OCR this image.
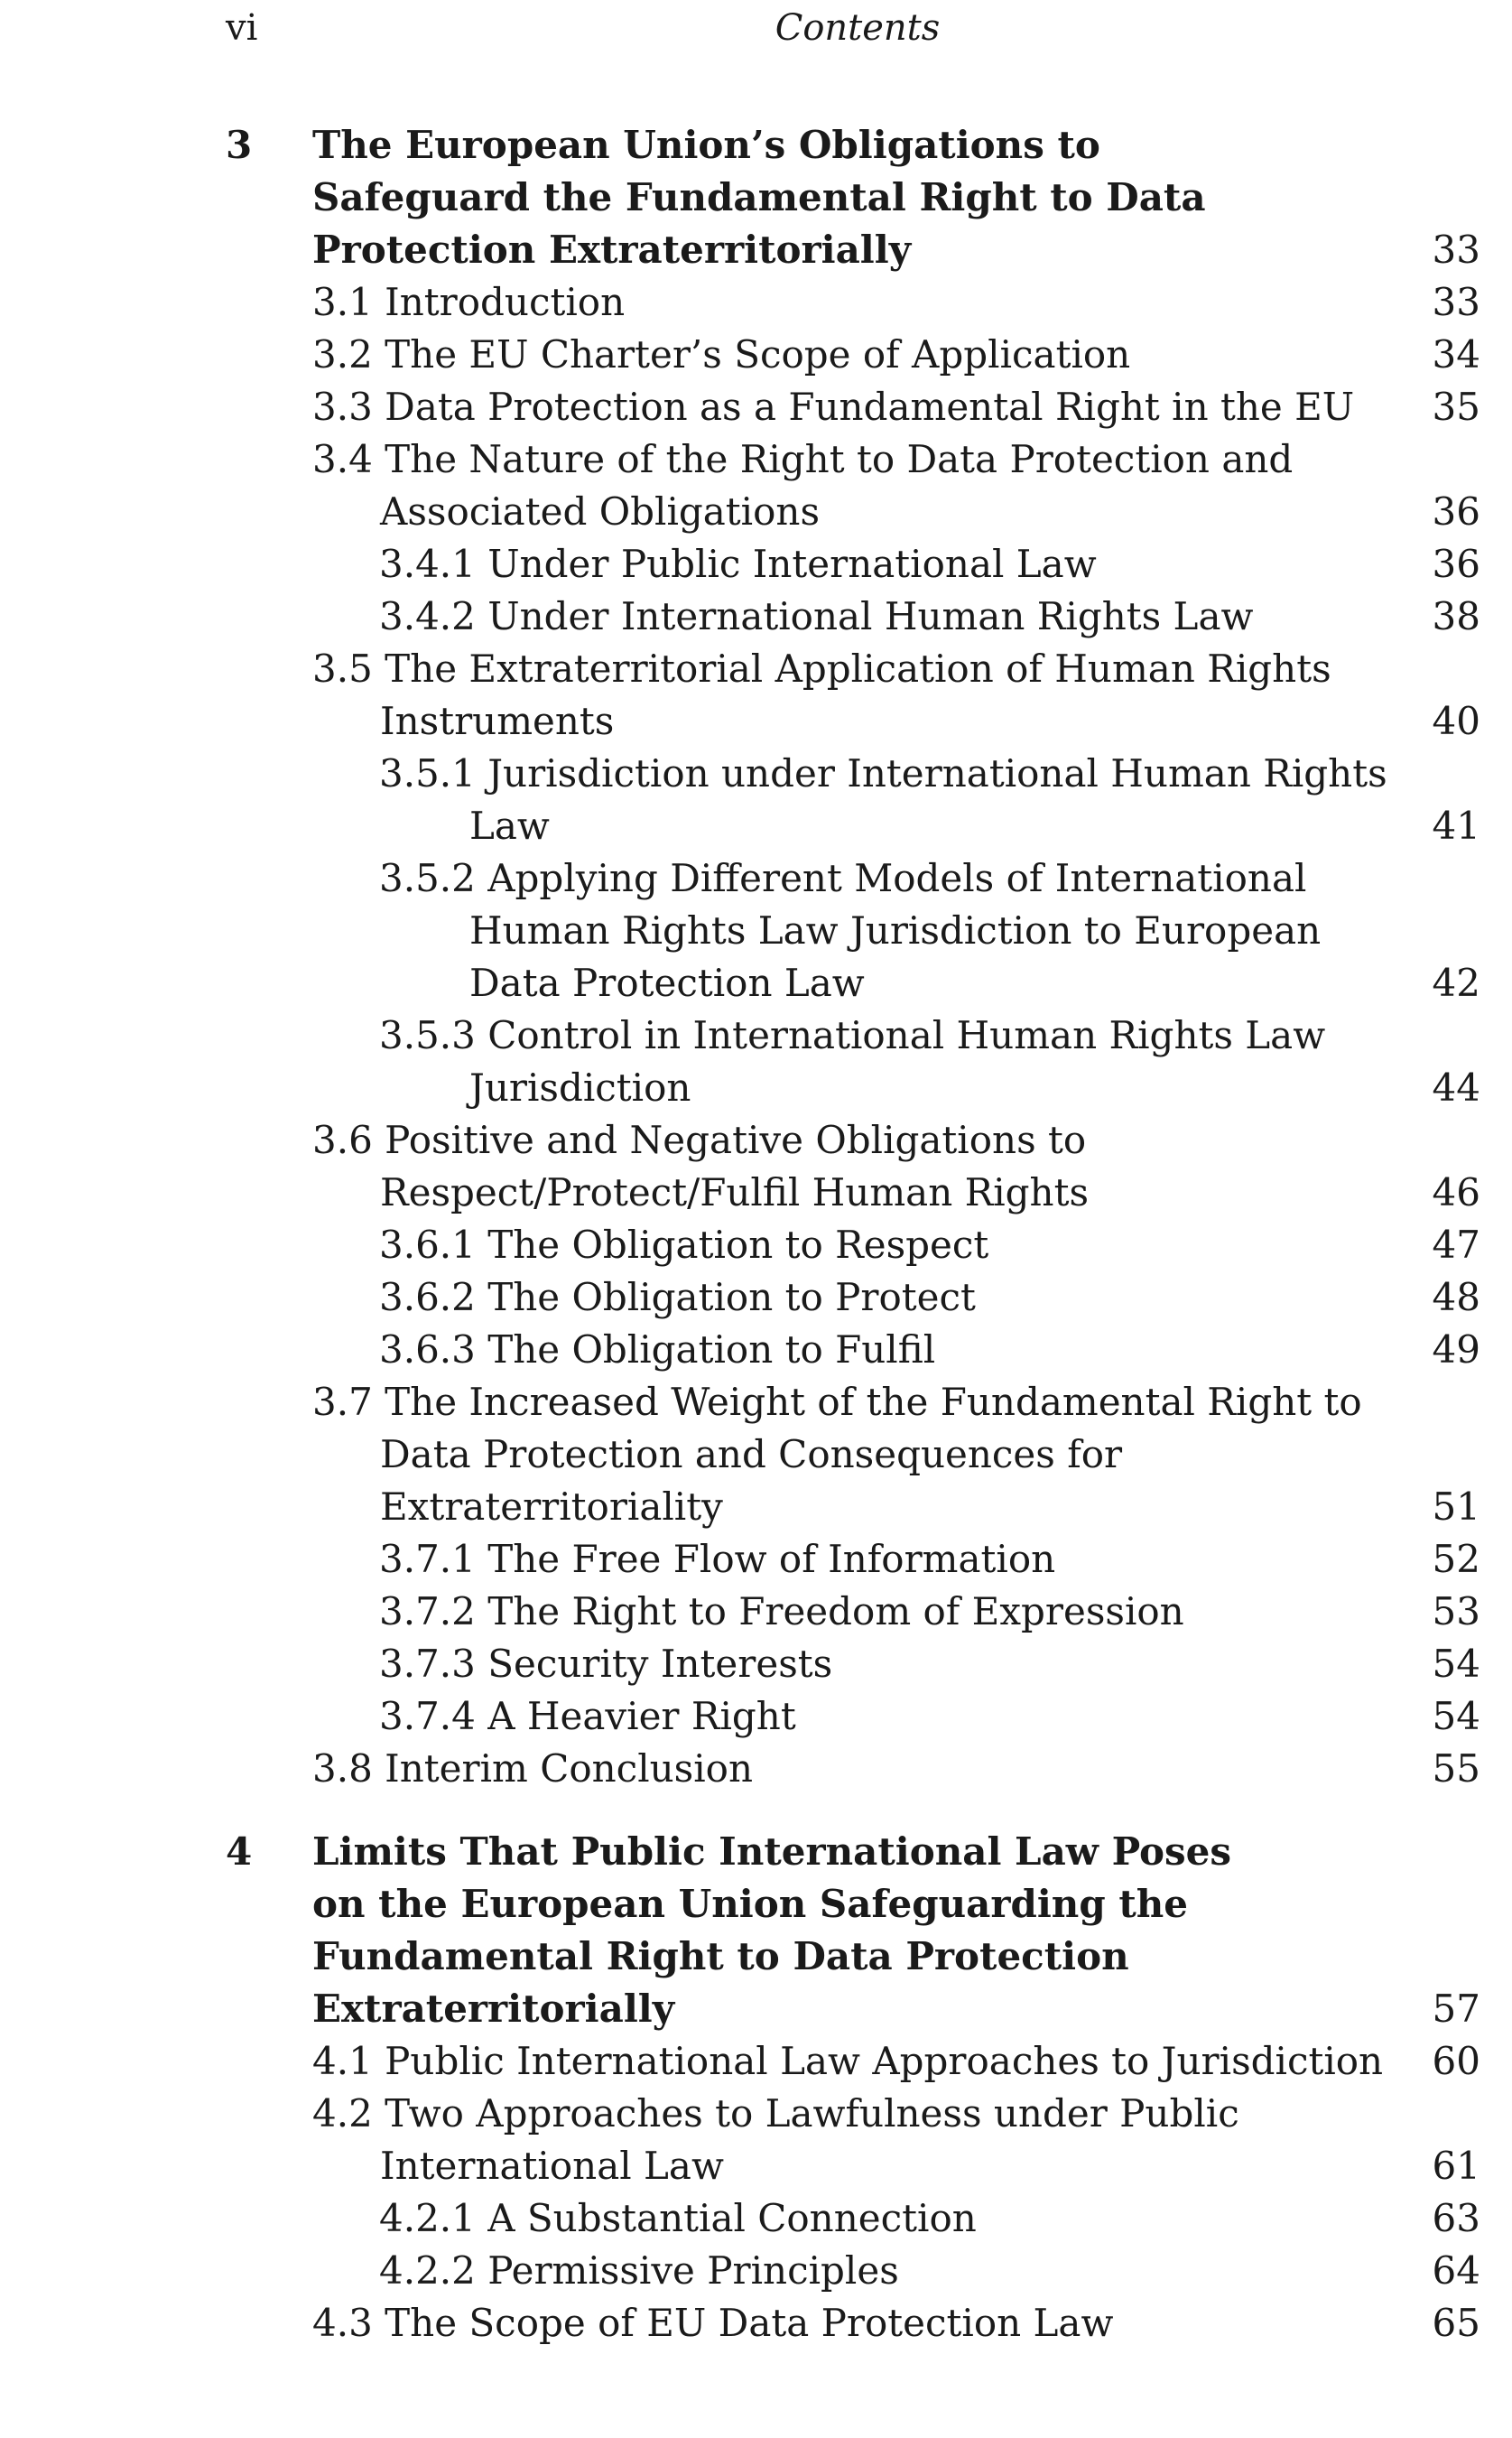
vi	Contents
3 The European Union’s Obligations to Safeguard the Fundamental Right to Data Protection Extraterritorially	33
3.1 Introduction	33
3.2 The EU Charter’s Scope of Application	34
3.3 Data Protection as a Fundamental Right in the EU	35
3.4 The Nature of the Right to Data Protection and Associated Obligations	36
3.4.1 Under Public International Law	36
3.4.2 Under International Human Rights Law	38
3.5 The Extraterritorial Application of Human Rights Instruments	40
3.5.1 Jurisdiction under International Human Rights Law	41
3.5.2 Applying Different Models of International Human Rights Law Jurisdiction to European Data Protection Law	42
3.5.3 Control in International Human Rights Law Jurisdiction	44
3.6 Positive and Negative Obligations to Respect/Protect/Fulfil Human Rights	46
3.6.1 The Obligation to Respect	47
3.6.2 The Obligation to Protect	48
3.6.3 The Obligation to Fulfil	49
3.7 The Increased Weight of the Fundamental Right to Data Protection and Consequences for Extraterritoriality	51
3.7.1 The Free Flow of Information	52
3.7.2 The Right to Freedom of Expression	53
3.7.3 Security Interests	54
3.7.4 A Heavier Right	54
3.8 Interim Conclusion	55
4 Limits That Public International Law Poses on the European Union Safeguarding the Fundamental Right to Data Protection Extraterritorially	57
4.1 Public International Law Approaches to Jurisdiction 60
4.2 Two Approaches to Lawfulness under Public International Law	61
4.2.1 A Substantial Connection	63
4.2.2 Permissive Principles	64
4.3 The Scope of EU Data Protection Law	65
